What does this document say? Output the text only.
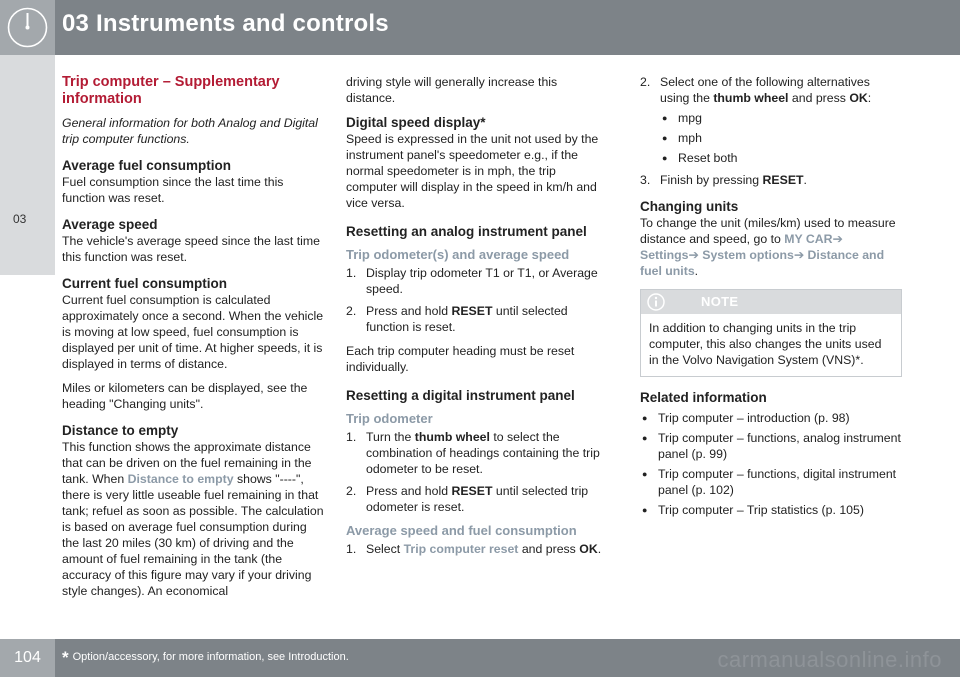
03 Instruments and controls
03
Trip computer – Supplementary information

General information for both Analog and Digital trip computer functions.

Average fuel consumption

Fuel consumption since the last time this function was reset.

Average speed

The vehicle's average speed since the last time this function was reset.

Current fuel consumption

Current fuel consumption is calculated approximately once a second. When the vehicle is moving at low speed, fuel consumption is displayed per unit of time. At higher speeds, it is displayed in terms of distance.

Miles or kilometers can be displayed, see the heading "Changing units".

Distance to empty

This function shows the approximate distance that can be driven on the fuel remaining in the tank. When Distance to empty shows "----", there is very little useable fuel remaining in that tank; refuel as soon as possible. The calculation is based on average fuel consumption during the last 20 miles (30 km) of driving and the amount of fuel remaining in the tank (the accuracy of this figure may vary if your driving style changes). An economical

driving style will generally increase this distance.

Digital speed display*

Speed is expressed in the unit not used by the instrument panel's speedometer e.g., if the normal speedometer is in mph, the trip computer will display in the speed in km/h and vice versa.

Resetting an analog instrument panel
Trip odometer(s) and average speed
1. Display trip odometer T1 or T1, or Average speed.
2. Press and hold RESET until selected function is reset.

Each trip computer heading must be reset individually.

Resetting a digital instrument panel
Trip odometer
1. Turn the thumb wheel to select the combination of headings containing the trip odometer to be reset.
2. Press and hold RESET until selected trip odometer is reset.
Average speed and fuel consumption
1. Select Trip computer reset and press OK.
2. Select one of the following alternatives using the thumb wheel and press OK:
● mpg
● mph
● Reset both
3. Finish by pressing RESET.
Changing units

To change the unit (miles/km) used to measure distance and speed, go to MY CAR➔ Settings➔ System options➔ Distance and fuel units.

NOTE
In addition to changing units in the trip computer, this also changes the units used in the Volvo Navigation System (VNS)*.
Related information
● Trip computer – introduction (p. 98)
● Trip computer – functions, analog instrument panel (p. 99)
● Trip computer – functions, digital instrument panel (p. 102)
● Trip computer – Trip statistics (p. 105)
104	* Option/accessory, for more information, see Introduction.	carmanualsonline.info
